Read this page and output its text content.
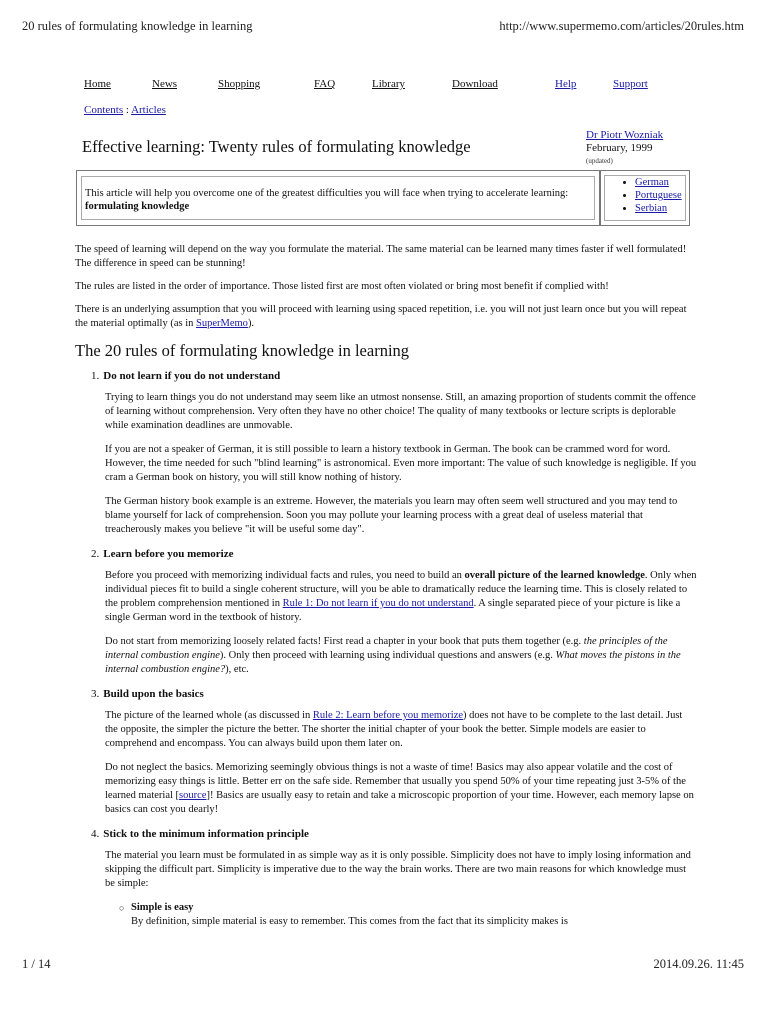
20 rules of formulating knowledge in learning	http://www.supermemo.com/articles/20rules.htm
Home	News	Shopping	FAQ	Library	Download	Help	Support
Contents : Articles
Effective learning: Twenty rules of formulating knowledge
Dr Piotr Wozniak
February, 1999
(updated)
This article will help you overcome one of the greatest difficulties you will face when trying to accelerate learning: formulating knowledge
• German
• Portuguese
• Serbian

The speed of learning will depend on the way you formulate the material. The same material can be learned many times faster if well formulated! The difference in speed can be stunning!

The rules are listed in the order of importance. Those listed first are most often violated or bring most benefit if complied with!

There is an underlying assumption that you will proceed with learning using spaced repetition, i.e. you will not just learn once but you will repeat the material optimally (as in SuperMemo).

The 20 rules of formulating knowledge in learning
1. Do not learn if you do not understand

Trying to learn things you do not understand may seem like an utmost nonsense. Still, an amazing proportion of students commit the offence of learning without comprehension. Very often they have no other choice! The quality of many textbooks or lecture scripts is deplorable while examination deadlines are unmovable.

If you are not a speaker of German, it is still possible to learn a history textbook in German. The book can be crammed word for word. However, the time needed for such "blind learning" is astronomical. Even more important: The value of such knowledge is negligible. If you cram a German book on history, you will still know nothing of history.

The German history book example is an extreme. However, the materials you learn may often seem well structured and you may tend to blame yourself for lack of comprehension. Soon you may pollute your learning process with a great deal of useless material that treacherously makes you believe "it will be useful some day".

2. Learn before you memorize

Before you proceed with memorizing individual facts and rules, you need to build an overall picture of the learned knowledge. Only when individual pieces fit to build a single coherent structure, will you be able to dramatically reduce the learning time. This is closely related to the problem comprehension mentioned in Rule 1: Do not learn if you do not understand. A single separated piece of your picture is like a single German word in the textbook of history.

Do not start from memorizing loosely related facts! First read a chapter in your book that puts them together (e.g. the principles of the internal combustion engine). Only then proceed with learning using individual questions and answers (e.g. What moves the pistons in the internal combustion engine?), etc.

3. Build upon the basics

The picture of the learned whole (as discussed in Rule 2: Learn before you memorize) does not have to be complete to the last detail. Just the opposite, the simpler the picture the better. The shorter the initial chapter of your book the better. Simple models are easier to comprehend and encompass. You can always build upon them later on.

Do not neglect the basics. Memorizing seemingly obvious things is not a waste of time! Basics may also appear volatile and the cost of memorizing easy things is little. Better err on the safe side. Remember that usually you spend 50% of your time repeating just 3-5% of the learned material [source]! Basics are usually easy to retain and take a microscopic proportion of your time. However, each memory lapse on basics can cost you dearly!

4. Stick to the minimum information principle

The material you learn must be formulated in as simple way as it is only possible. Simplicity does not have to imply losing information and skipping the difficult part. Simplicity is imperative due to the way the brain works. There are two main reasons for which knowledge must be simple:

○ Simple is easy
By definition, simple material is easy to remember. This comes from the fact that its simplicity makes is
1 / 14	2014.09.26. 11:45
